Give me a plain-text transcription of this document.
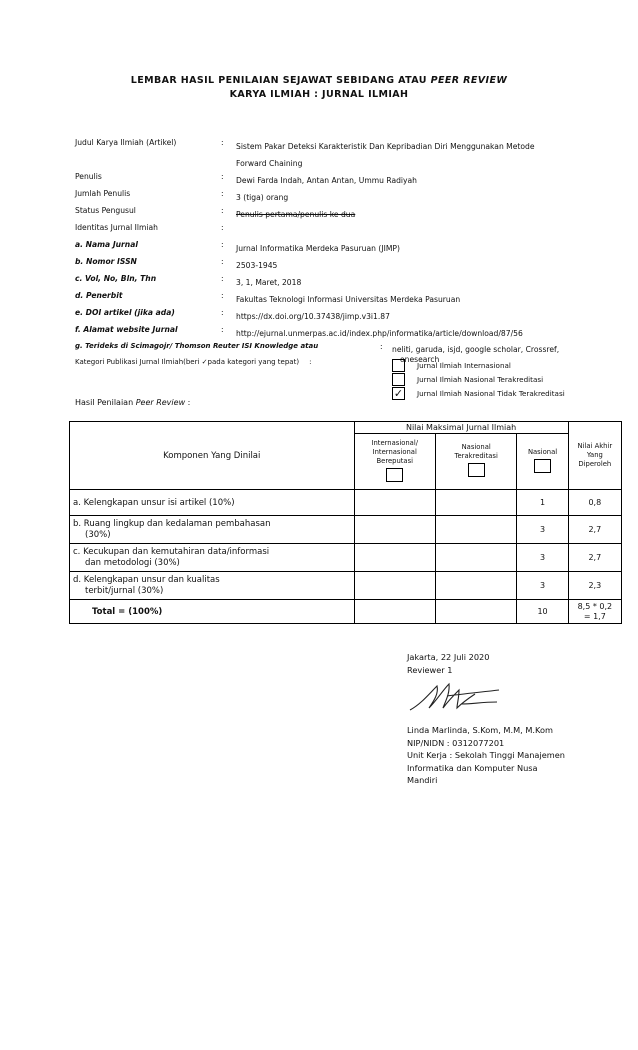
LEMBAR HASIL PENILAIAN SEJAWAT SEBIDANG ATAU PEER REVIEW
KARYA ILMIAH : JURNAL ILMIAH
Judul Karya Ilmiah (Artikel)	:	Sistem Pakar Deteksi Karakteristik Dan Kepribadian Diri Menggunakan Metode
Forward Chaining
Penulis	:	Dewi Farda Indah, Antan Antan, Ummu Radiyah
Jumlah Penulis	:	3 (tiga) orang
Status Pengusul	:	Penulis pertama/penulis ke dua
Identitas Jurnal Ilmiah	:
a. Nama Jurnal	:	Jurnal Informatika Merdeka Pasuruan (JIMP)
b. Nomor ISSN	:	2503-1945
c. Vol, No, Bln, Thn	:	3, 1, Maret, 2018
d. Penerbit	:	Fakultas Teknologi Informasi Universitas Merdeka Pasuruan
e. DOI artikel (jika ada)	:	https://dx.doi.org/10.37438/jimp.v3i1.87
f. Alamat website Jurnal	:	http://ejurnal.unmerpas.ac.id/index.php/informatika/article/download/87/56
g. Terideks di Scimagojr/ Thomson Reuter ISI Knowledge atau	:	neliti, garuda, isjd, google scholar, Crossref,
onesearch
Kategori Publikasi Jurnal Ilmiah(beri ✓pada kategori yang tepat) :	Jurnal Ilmiah Internasional
Jurnal Ilmiah Nasional Terakreditasi
✓ Jurnal Ilmiah Nasional Tidak Terakreditasi
Hasil Penilaian Peer Review :
Komponen Yang Dinilai	Nilai Maksimal Jurnal Ilmiah			Nilai Akhir Yang Diperoleh
	Internasional/ Internasional Bereputasi	Nasional Terakreditasi	Nasional	

a. Kelengkapan unsur isi artikel (10%)			1	0,8
b. Ruang lingkup dan kedalaman pembahasan
(30%)			3	2,7
c. Kecukupan dan kemutahiran data/informasi
dan metodologi (30%)			3	2,7
d. Kelengkapan unsur dan kualitas
terbit/jurnal (30%)			3	2,3
Total = (100%)			10	8,5 * 0,2
= 1,7
Jakarta, 22 Juli 2020
Reviewer 1
Linda Marlinda, S.Kom, M.M, M.Kom
NIP/NIDN : 0312077201
Unit Kerja : Sekolah Tinggi Manajemen
Informatika dan Komputer Nusa
Mandiri
